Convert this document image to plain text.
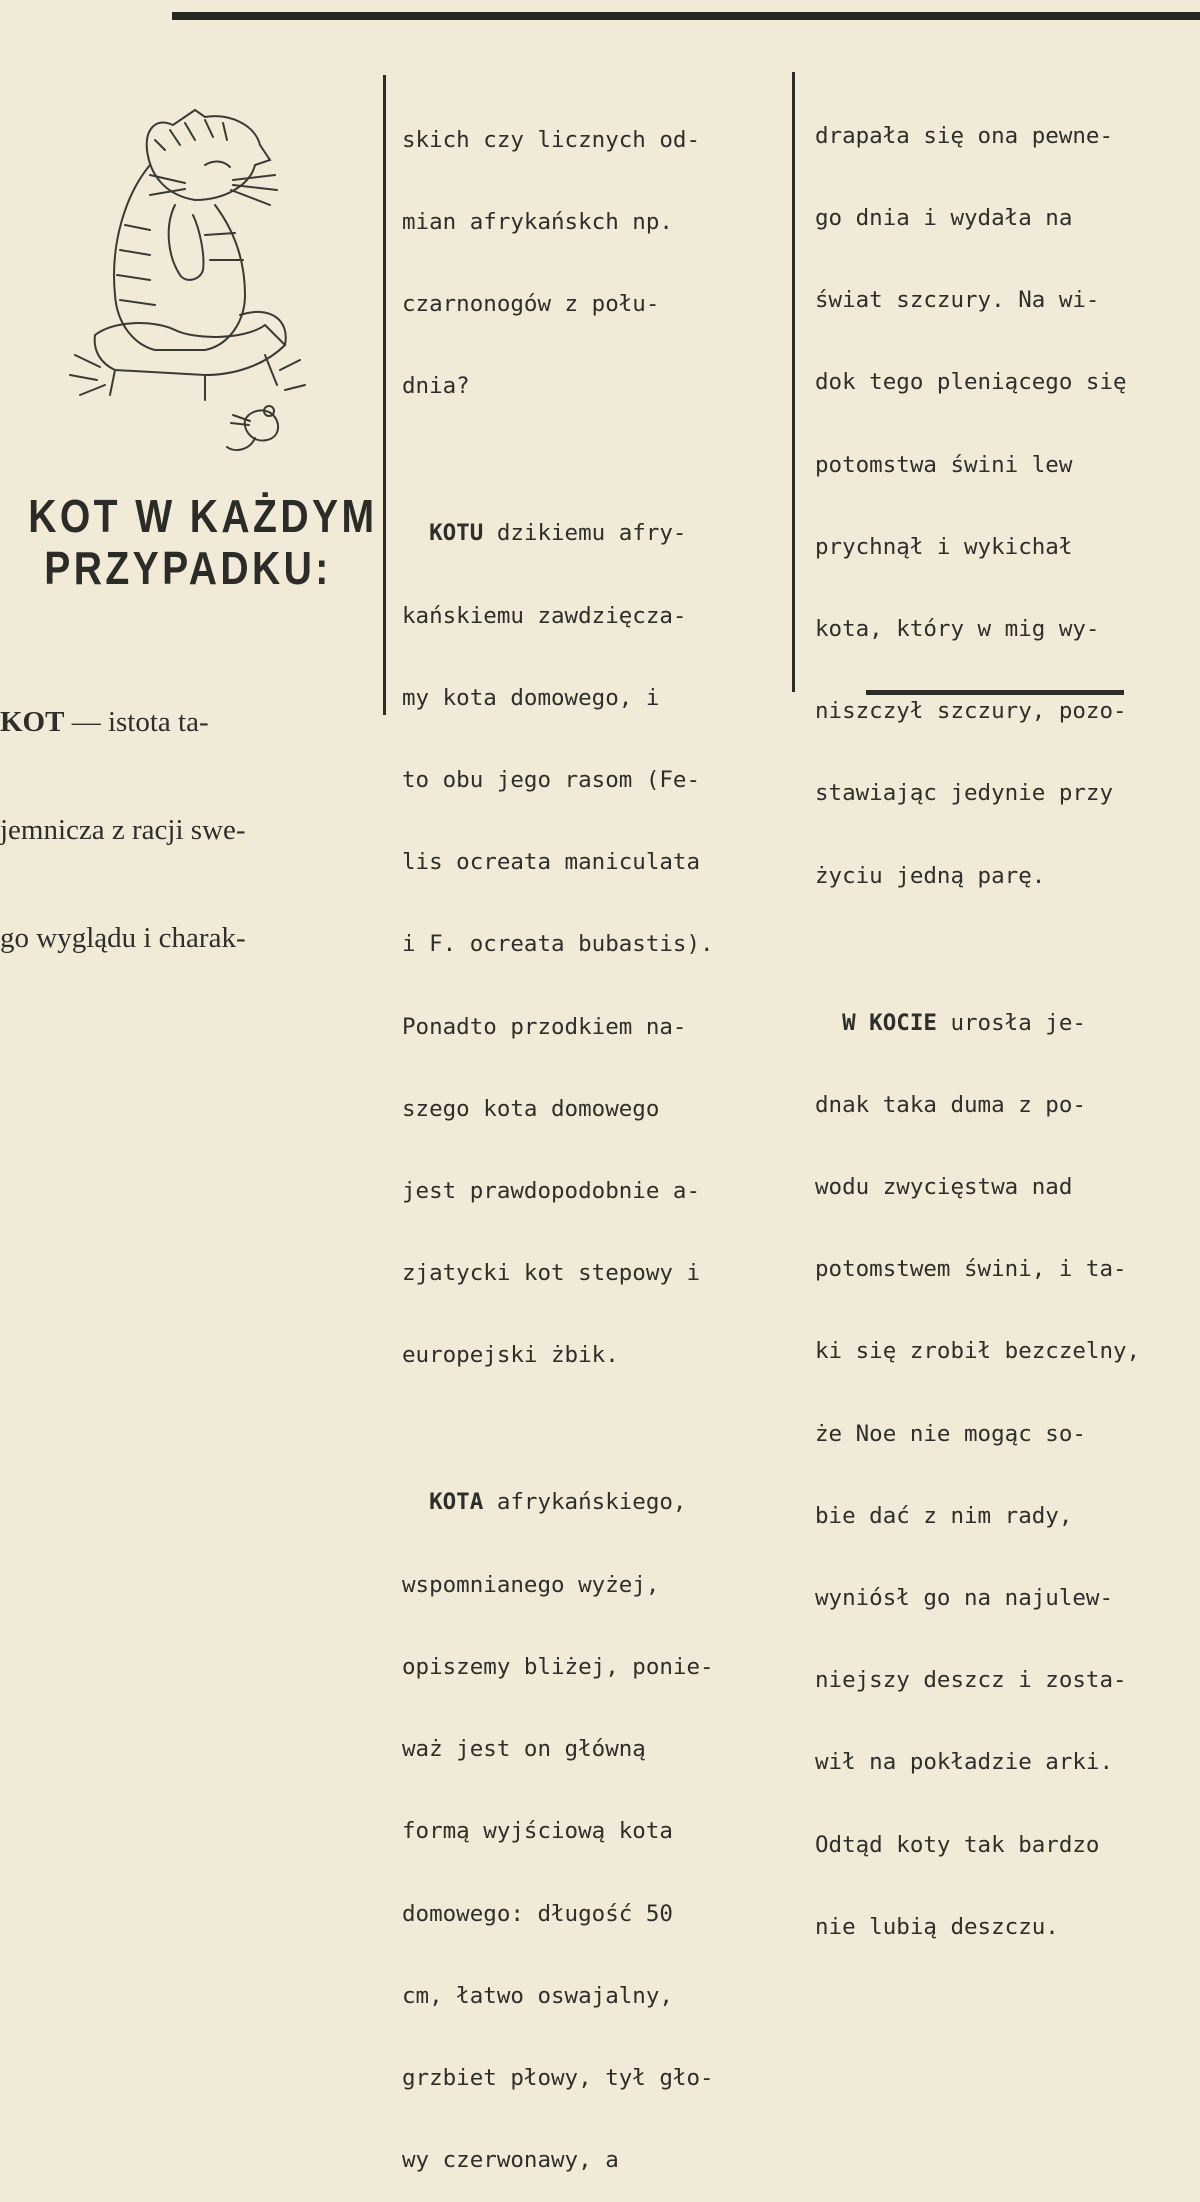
KOT W KAŻDYM
PRZYPADKU:

KOT — istota ta-

jemnicza z racji swe-

go wyglądu i charak-

skich czy licznych od-

mian afrykańskch np.

czarnonogów z połu-

dnia?

KOTU dzikiemu afry-

kańskiemu zawdzięcza-

my kota domowego, i

to obu jego rasom (Fe-

lis ocreata maniculata

i F. ocreata bubastis).

Ponadto przodkiem na-

szego kota domowego

jest prawdopodobnie a-

zjatycki kot stepowy i

europejski żbik.

KOTA afrykańskiego,

wspomnianego wyżej,

opiszemy bliżej, ponie-

waż jest on główną

formą wyjściową kota

domowego: długość 50

cm, łatwo oswajalny,

grzbiet płowy, tył gło-

wy czerwonawy, a

drapała się ona pewne-

go dnia i wydała na

świat szczury. Na wi-

dok tego pleniącego się

potomstwa świni lew

prychnął i wykichał

kota, który w mig wy-

niszczył szczury, pozo-

stawiając jedynie przy

życiu jedną parę.

W KOCIE urosła je-

dnak taka duma z po-

wodu zwycięstwa nad

potomstwem świni, i ta-

ki się zrobił bezczelny,

że Noe nie mogąc so-

bie dać z nim rady,

wyniósł go na najulew-

niejszy deszcz i zosta-

wił na pokładzie arki.

Odtąd koty tak bardzo

nie lubią deszczu.
